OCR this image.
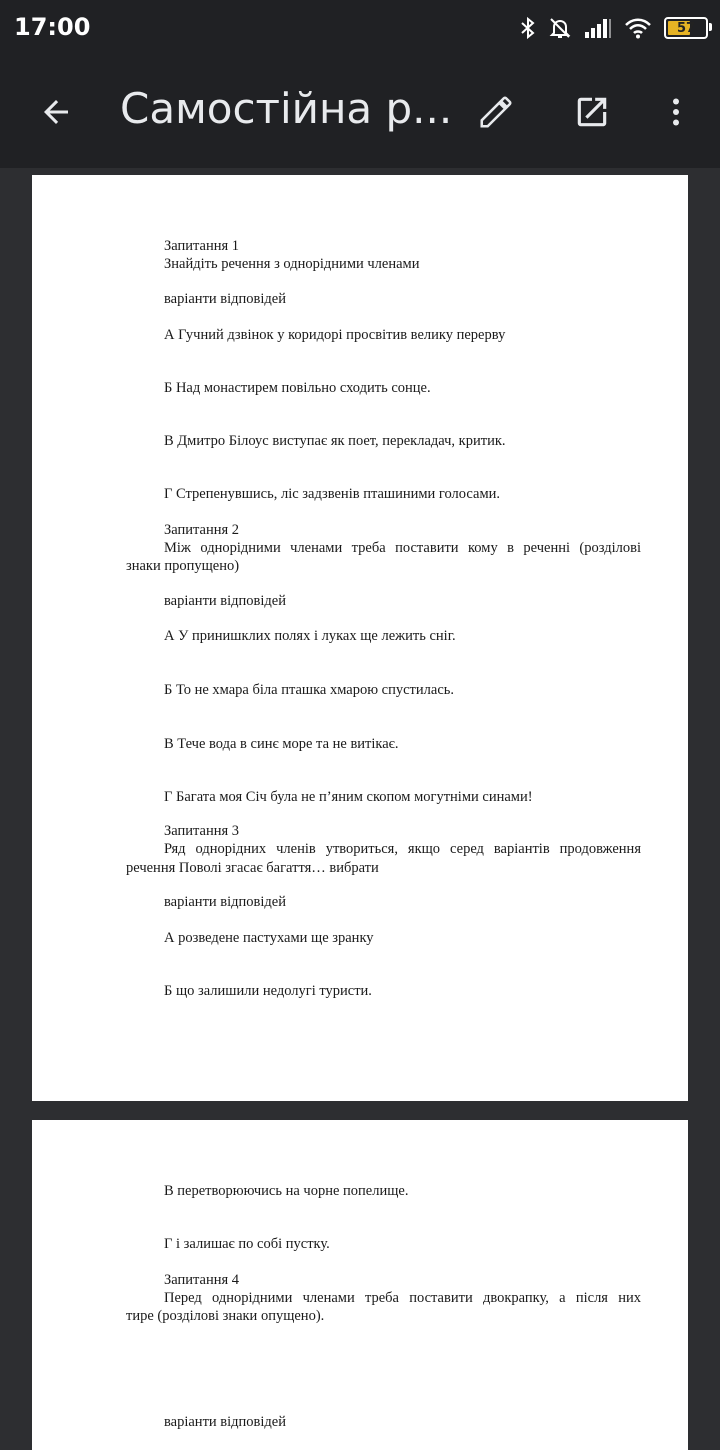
17:00	57
Самостійна р...
Запитання 1
Знайдіть речення з однорідними членами
варіанти відповідей
А Гучний дзвінок у коридорі просвітив велику перерву
Б Над монастирем повільно сходить сонце.
В Дмитро Білоус виступає як поет, перекладач, критик.
Г Стрепенувшись, ліс задзвенів пташиними голосами.
Запитання 2
Між однорідними членами треба поставити кому в реченні (розділові
знаки пропущено)
варіанти відповідей
А У принишклих полях і луках ще лежить сніг.
Б То не хмара біла пташка хмарою спустилась.
В Тече вода в синє море та не витікає.
Г Багата моя Січ була не п’яним скопом могутніми синами!
Запитання 3
Ряд однорідних членів утвориться, якщо серед варіантів продовження
речення Поволі згасає багаття… вибрати
варіанти відповідей
А розведене пастухами ще зранку
Б що залишили недолугі туристи.
В перетворюючись на чорне попелище.
Г і залишає по собі пустку.
Запитання 4
Перед однорідними членами треба поставити двокрапку, а після них
тире (розділові знаки опущено).
варіанти відповідей
